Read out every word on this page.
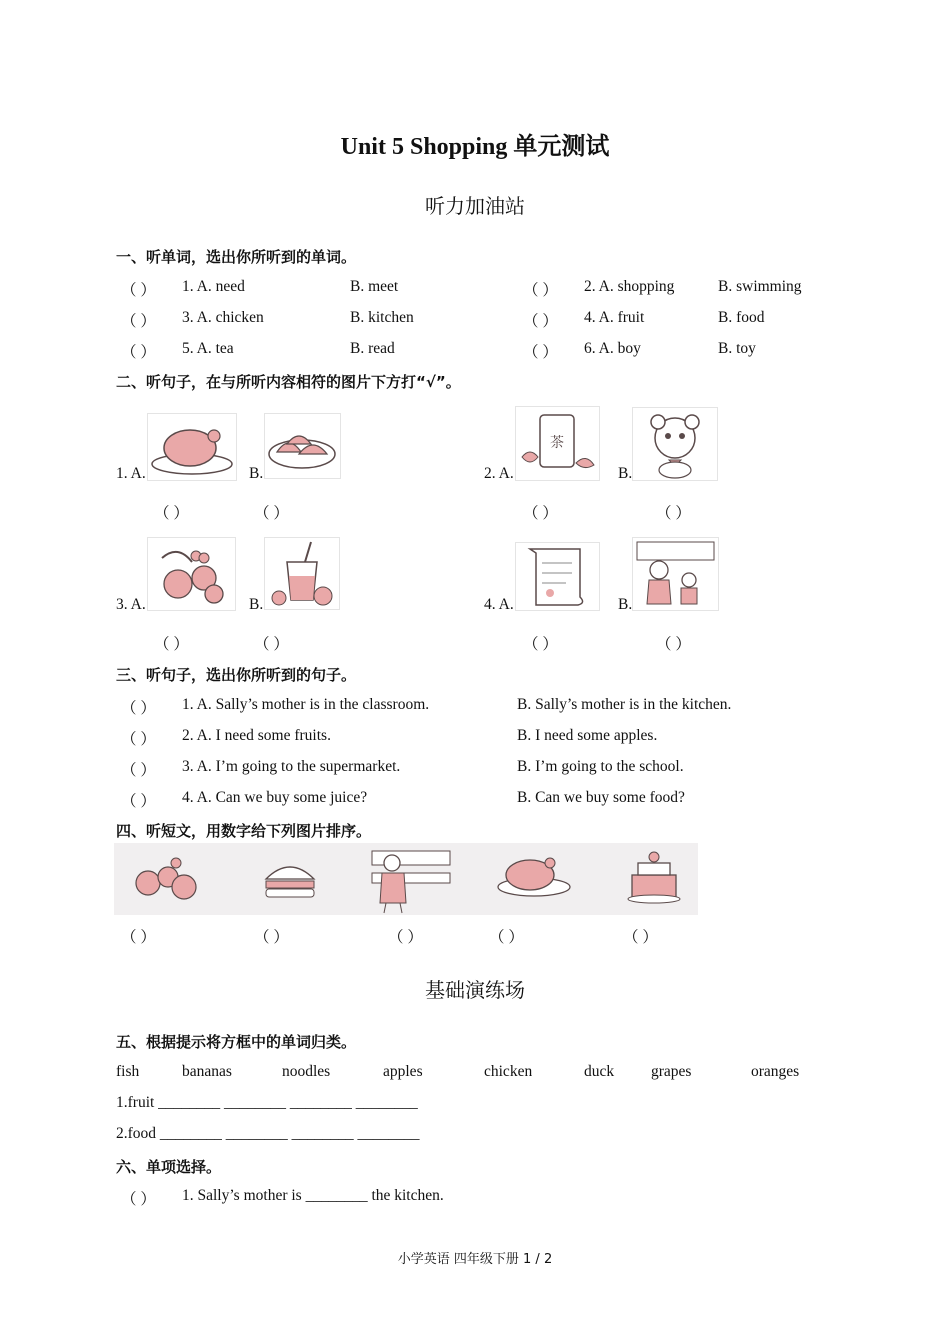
Unit 5 Shopping 单元测试
听力加油站
一、听单词，选出你所听到的单词。
（ ） 1. A. need	B. meet	（ ） 2. A. shopping	B. swimming
（ ） 3. A. chicken	B. kitchen	（ ） 4. A. fruit	B. food
（ ） 5. A. tea	B. read	（ ） 6. A. boy	B. toy
二、听句子，在与所听内容相符的图片下方打“√”。
茶
1. A.	B.	2. A.	B.
（ ）	（ ）	（ ）	（ ）
3. A.	B.	4. A.	B.
（ ）	（ ）	（ ）	（ ）
三、听句子，选出你所听到的句子。
（ ） 1. A. Sally’s mother is in the classroom.	B. Sally’s mother is in the kitchen.
（ ） 2. A. I need some fruits.	B. I need some apples.
（ ） 3. A. I’m going to the supermarket.	B. I’m going to the school.
（ ） 4. A. Can we buy some juice?	B. Can we buy some food?
四、听短文，用数字给下列图片排序。
（ ）	（ ）	（ ）	（ ）	（ ）
基础演练场
五、根据提示将方框中的单词归类。
fish	bananas	noodles	apples	chicken	duck grapes	oranges
1.fruit ________ ________ ________ ________
2.food ________ ________ ________ ________
六、单项选择。
（ ） 1. Sally’s mother is ________ the kitchen.
小学英语 四年级下册 1 / 2
